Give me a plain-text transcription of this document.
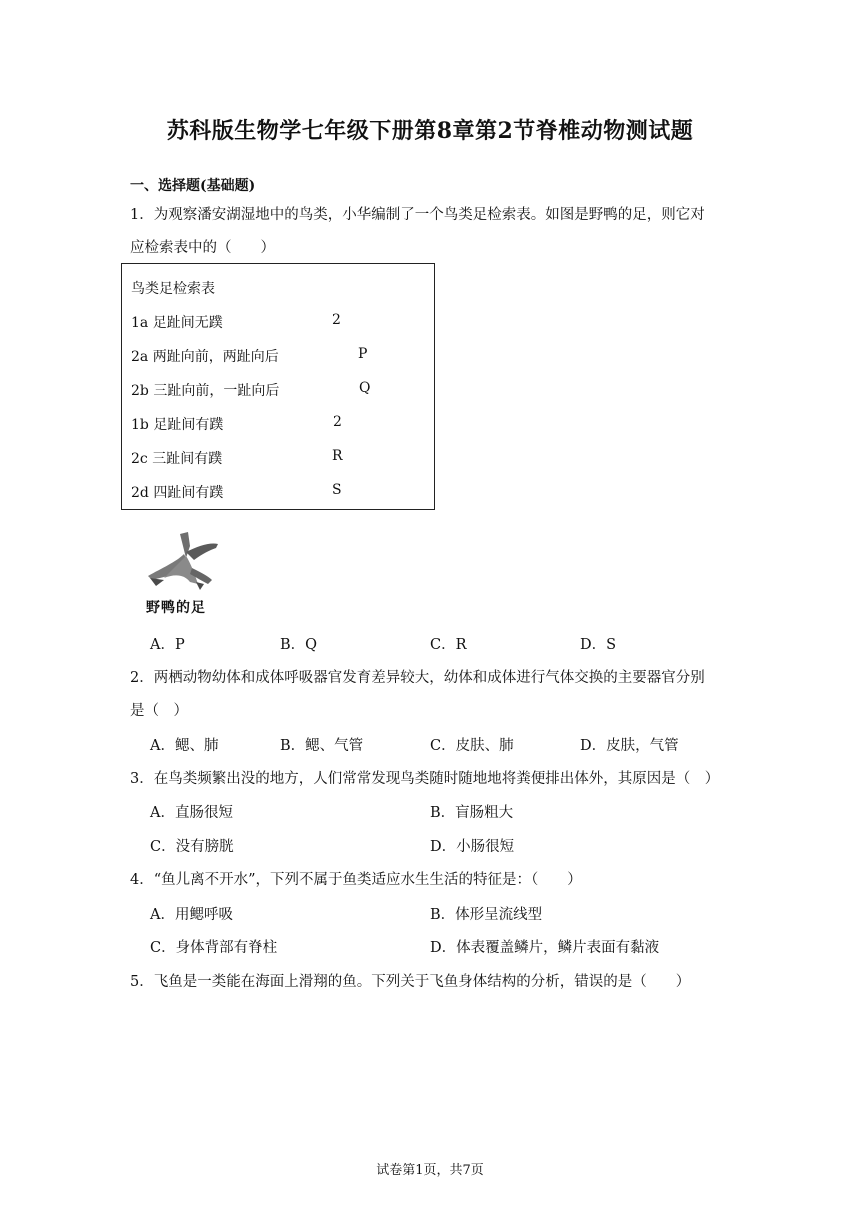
苏科版生物学七年级下册第8章第2节脊椎动物测试题
一、选择题(基础题)
1．为观察潘安湖湿地中的鸟类，小华编制了一个鸟类足检索表。如图是野鸭的足，则它对
应检索表中的（　　）
鸟类足检索表
1a 足趾间无蹼	2
2a 两趾向前，两趾向后	P
2b 三趾向前，一趾向后	Q
1b 足趾间有蹼	2
2c 三趾间有蹼	R
2d 四趾间有蹼	S
野鸭的足
A．P	B．Q	C．R	D．S
2．两栖动物幼体和成体呼吸器官发育差异较大，幼体和成体进行气体交换的主要器官分别
是（　）
A．鳃、肺	B．鳃、气管	C．皮肤、肺	D．皮肤，气管
3．在鸟类频繁出没的地方，人们常常发现鸟类随时随地地将粪便排出体外，其原因是（　）
A．直肠很短	B．盲肠粗大
C．没有膀胱	D．小肠很短
4．“鱼儿离不开水”，下列不属于鱼类适应水生生活的特征是：（　　）
A．用鳃呼吸	B．体形呈流线型
C．身体背部有脊柱	D．体表覆盖鳞片，鳞片表面有黏液
5．飞鱼是一类能在海面上滑翔的鱼。下列关于飞鱼身体结构的分析，错误的是（　　）
试卷第1页，共7页
